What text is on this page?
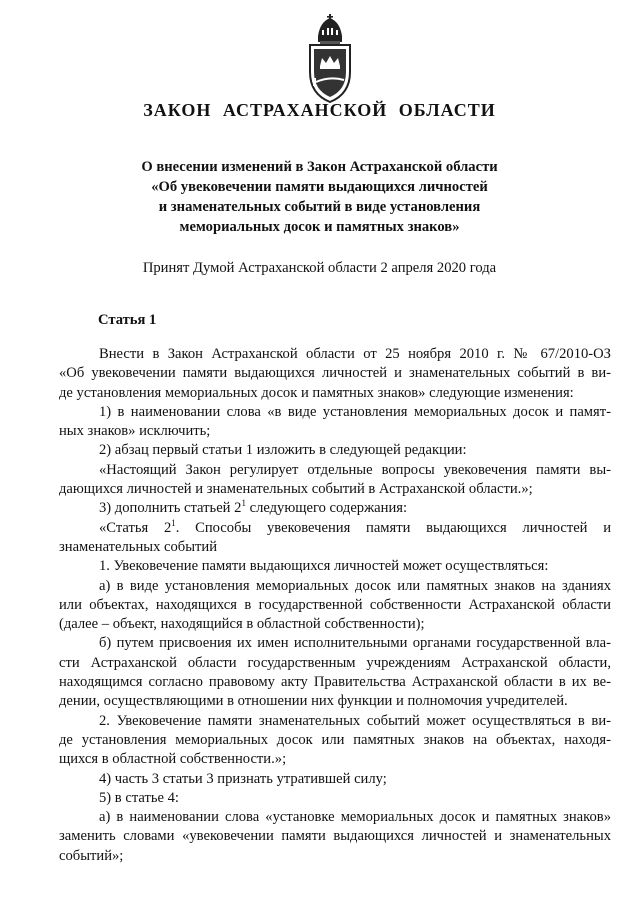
ЗАКОН АСТРАХАНСКОЙ ОБЛАСТИ
О внесении изменений в Закон Астраханской области
«Об увековечении памяти выдающихся личностей
и знаменательных событий в виде установления
мемориальных досок и памятных знаков»
Принят Думой Астраханской области 2 апреля 2020 года
Статья 1
Внести в Закон Астраханской области от 25 ноября 2010 г. № 67/2010-ОЗ
«Об увековечении памяти выдающихся личностей и знаменательных событий в ви-
де установления мемориальных досок и памятных знаков» следующие изменения:
1) в наименовании слова «в виде установления мемориальных досок и памят-
ных знаков» исключить;
2) абзац первый статьи 1 изложить в следующей редакции:
«Настоящий Закон регулирует отдельные вопросы увековечения памяти вы-
дающихся личностей и знаменательных событий в Астраханской области.»;
3) дополнить статьей $2^1$ следующего содержания:
«Статья $2^1$. Способы увековечения памяти выдающихся личностей и
знаменательных событий
1. Увековечение памяти выдающихся личностей может осуществляться:
а) в виде установления мемориальных досок или памятных знаков на зданиях
или объектах, находящихся в государственной собственности Астраханской области
(далее – объект, находящийся в областной собственности);
б) путем присвоения их имен исполнительными органами государственной вла-
сти Астраханской области государственным учреждениям Астраханской области,
находящимся согласно правовому акту Правительства Астраханской области в их ве-
дении, осуществляющими в отношении них функции и полномочия учредителей.
2. Увековечение памяти знаменательных событий может осуществляться в ви-
де установления мемориальных досок или памятных знаков на объектах, находя-
щихся в областной собственности.»;
4) часть 3 статьи 3 признать утратившей силу;
5) в статье 4:
а) в наименовании слова «установке мемориальных досок и памятных знаков»
заменить словами «увековечении памяти выдающихся личностей и знаменательных
событий»;
